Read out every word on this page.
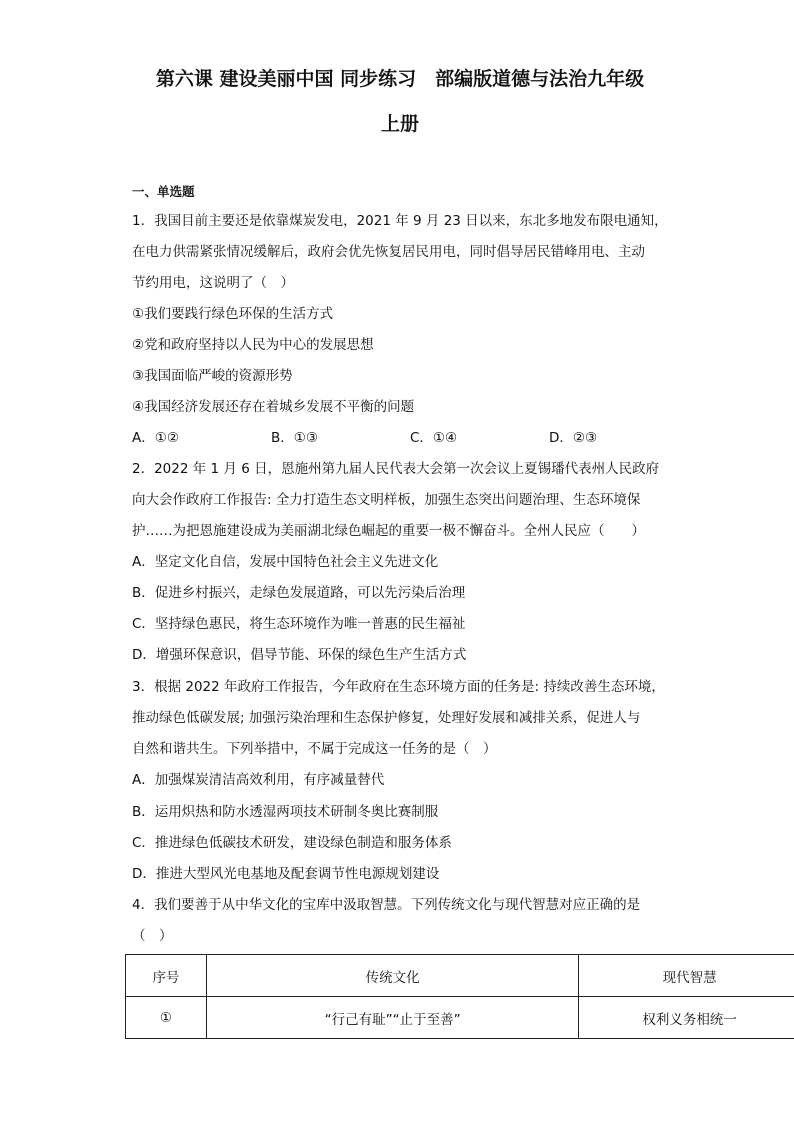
第六课 建设美丽中国 同步练习　部编版道德与法治九年级
上册
一、单选题
1．我国目前主要还是依靠煤炭发电，2021 年 9 月 23 日以来，东北多地发布限电通知，
在电力供需紧张情况缓解后，政府会优先恢复居民用电，同时倡导居民错峰用电、主动
节约用电，这说明了（　）
①我们要践行绿色环保的生活方式
②党和政府坚持以人民为中心的发展思想
③我国面临严峻的资源形势
④我国经济发展还存在着城乡发展不平衡的问题
A．①②	B．①③	C．①④	D．②③
2．2022 年 1 月 6 日，恩施州第九届人民代表大会第一次会议上夏锡璠代表州人民政府
向大会作政府工作报告: 全力打造生态文明样板，加强生态突出问题治理、生态环境保
护……为把恩施建设成为美丽湖北绿色崛起的重要一极不懈奋斗。全州人民应（　　）
A．坚定文化自信，发展中国特色社会主义先进文化
B．促进乡村振兴，走绿色发展道路，可以先污染后治理
C．坚持绿色惠民，将生态环境作为唯一普惠的民生福祉
D．增强环保意识，倡导节能、环保的绿色生产生活方式
3．根据 2022 年政府工作报告，今年政府在生态环境方面的任务是: 持续改善生态环境，
推动绿色低碳发展; 加强污染治理和生态保护修复，处理好发展和减排关系，促进人与
自然和谐共生。下列举措中，不属于完成这一任务的是（　）
A．加强煤炭清洁高效利用，有序减量替代
B．运用炽热和防水透湿两项技术研制冬奥比赛制服
C．推进绿色低碳技术研发，建设绿色制造和服务体系
D．推进大型风光电基地及配套调节性电源规划建设
4．我们要善于从中华文化的宝库中汲取智慧。下列传统文化与现代智慧对应正确的是
（　）
序号	传统文化	现代智慧
①	“行己有耻”“止于至善”	权利义务相统一
